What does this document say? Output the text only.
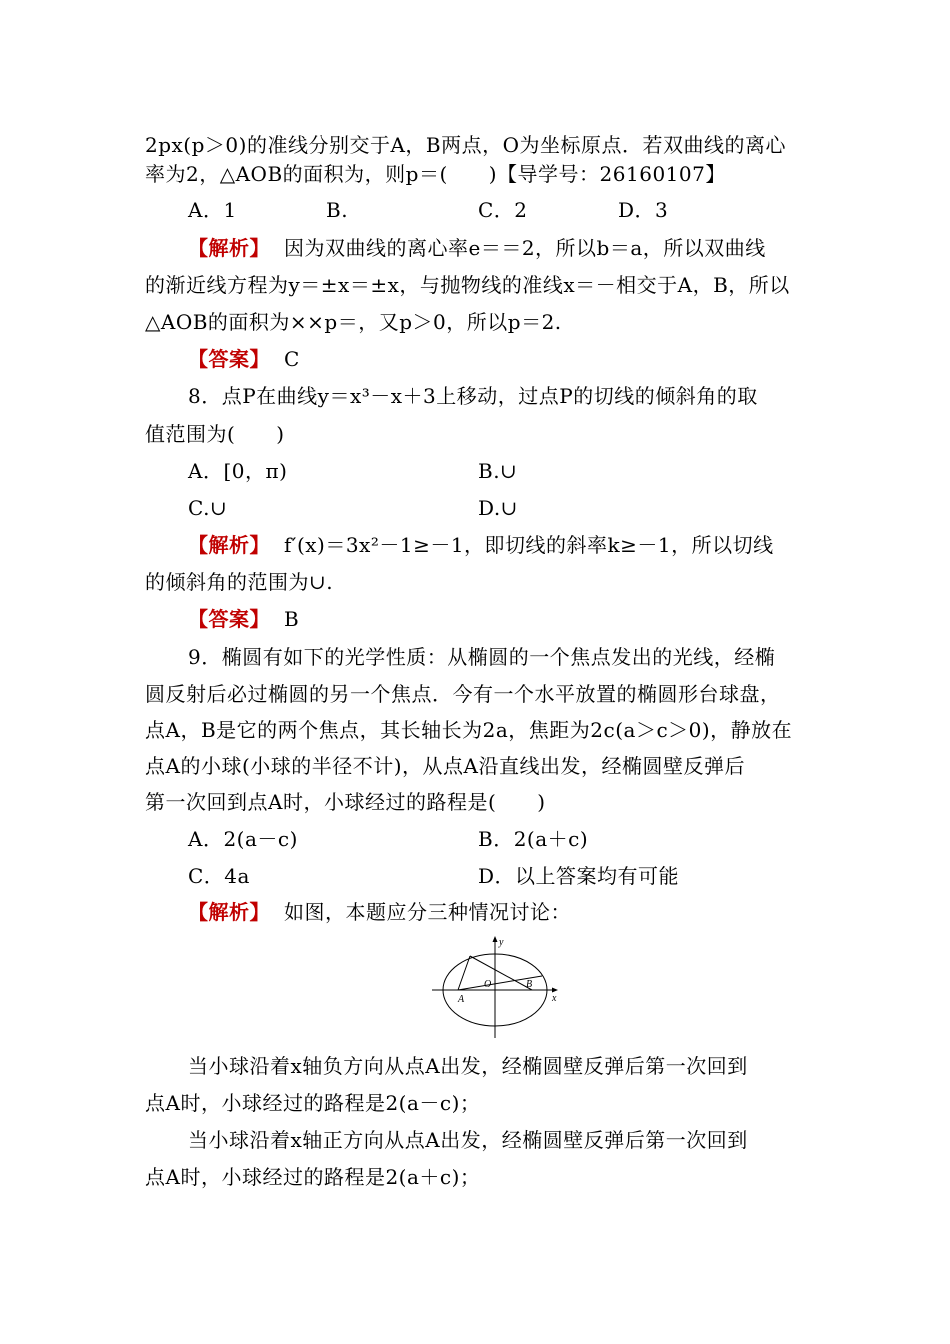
2px(p＞0)的准线分别交于A，B两点，O为坐标原点．若双曲线的离心
率为2，△AOB的面积为，则p＝(　　)【导学号：26160107】
A．1	B.	C．2	D．3
【解析】 因为双曲线的离心率e＝＝2，所以b＝a，所以双曲线
的渐近线方程为y＝±x＝±x，与抛物线的准线x＝－相交于A，B，所以
△AOB的面积为××p＝，又p＞0，所以p＝2.
【答案】 C
8．点P在曲线y＝x³－x＋3上移动，过点P的切线的倾斜角的取
值范围为(　　)
A．[0，π)	B.∪
C.∪	D.∪
【解析】 f′(x)＝3x²－1≥－1，即切线的斜率k≥－1，所以切线
的倾斜角的范围为∪.
【答案】 B
9．椭圆有如下的光学性质：从椭圆的一个焦点发出的光线，经椭
圆反射后必过椭圆的另一个焦点．今有一个水平放置的椭圆形台球盘，
点A，B是它的两个焦点，其长轴长为2a，焦距为2c(a＞c＞0)，静放在
点A的小球(小球的半径不计)，从点A沿直线出发，经椭圆壁反弹后
第一次回到点A时，小球经过的路程是(　　)
A．2(a－c)	B．2(a＋c)
C．4a	D．以上答案均有可能
【解析】 如图，本题应分三种情况讨论：
y
x
A
O	B
当小球沿着x轴负方向从点A出发，经椭圆壁反弹后第一次回到
点A时，小球经过的路程是2(a－c)；
当小球沿着x轴正方向从点A出发，经椭圆壁反弹后第一次回到
点A时，小球经过的路程是2(a＋c)；
